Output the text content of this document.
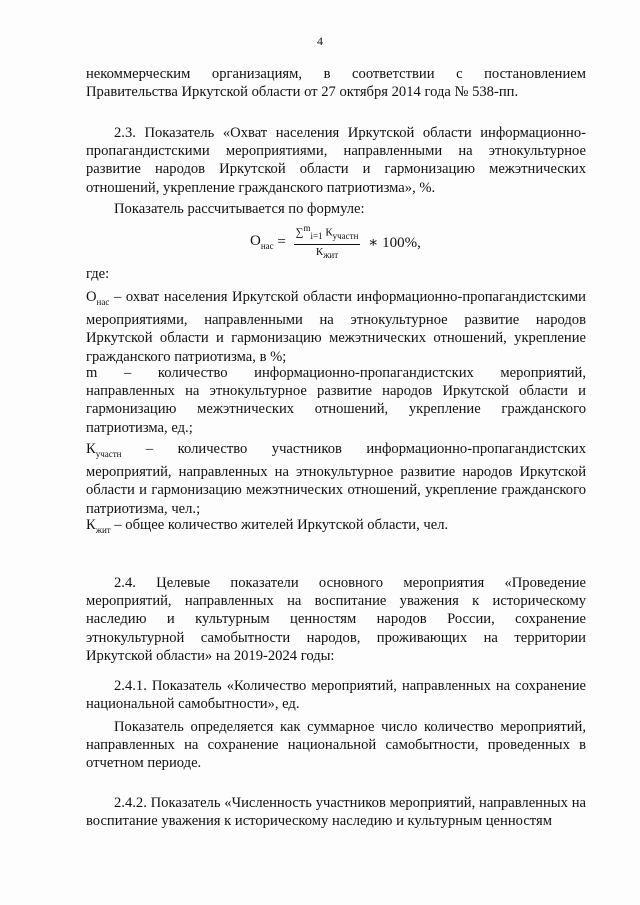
4

некоммерческим организациям, в соответствии с постановлением Правительства Иркутской области от 27 октября 2014 года № 538-пп.

2.3. Показатель «Охват населения Иркутской области информационно-пропагандистскими мероприятиями, направленными на этнокультурное развитие народов Иркутской области и гармонизацию межэтнических отношений, укрепление гражданского патриотизма», %.

Показатель рассчитывается по формуле:

$О_{нас} = \frac{\sum^m_{i=1} К_{участн}}{К_{жит}}$ ∗ 100%,

где:

$О_{нас}$ – охват населения Иркутской области информационно-пропагандистскими мероприятиями, направленными на этнокультурное развитие народов Иркутской области и гармонизацию межэтнических отношений, укрепление гражданского патриотизма, в %;

m – количество информационно-пропагандистских мероприятий, направленных на этнокультурное развитие народов Иркутской области и гармонизацию межэтнических отношений, укрепление гражданского патриотизма, ед.;

$К_{участн}$ – количество участников информационно-пропагандистских мероприятий, направленных на этнокультурное развитие народов Иркутской области и гармонизацию межэтнических отношений, укрепление гражданского патриотизма, чел.;

$К_{жит}$ – общее количество жителей Иркутской области, чел.

2.4. Целевые показатели основного мероприятия «Проведение мероприятий, направленных на воспитание уважения к историческому наследию и культурным ценностям народов России, сохранение этнокультурной самобытности народов, проживающих на территории Иркутской области» на 2019-2024 годы:

2.4.1. Показатель «Количество мероприятий, направленных на сохранение национальной самобытности», ед.

Показатель определяется как суммарное число количество мероприятий, направленных на сохранение национальной самобытности, проведенных в отчетном периоде.

2.4.2. Показатель «Численность участников мероприятий, направленных на воспитание уважения к историческому наследию и культурным ценностям
